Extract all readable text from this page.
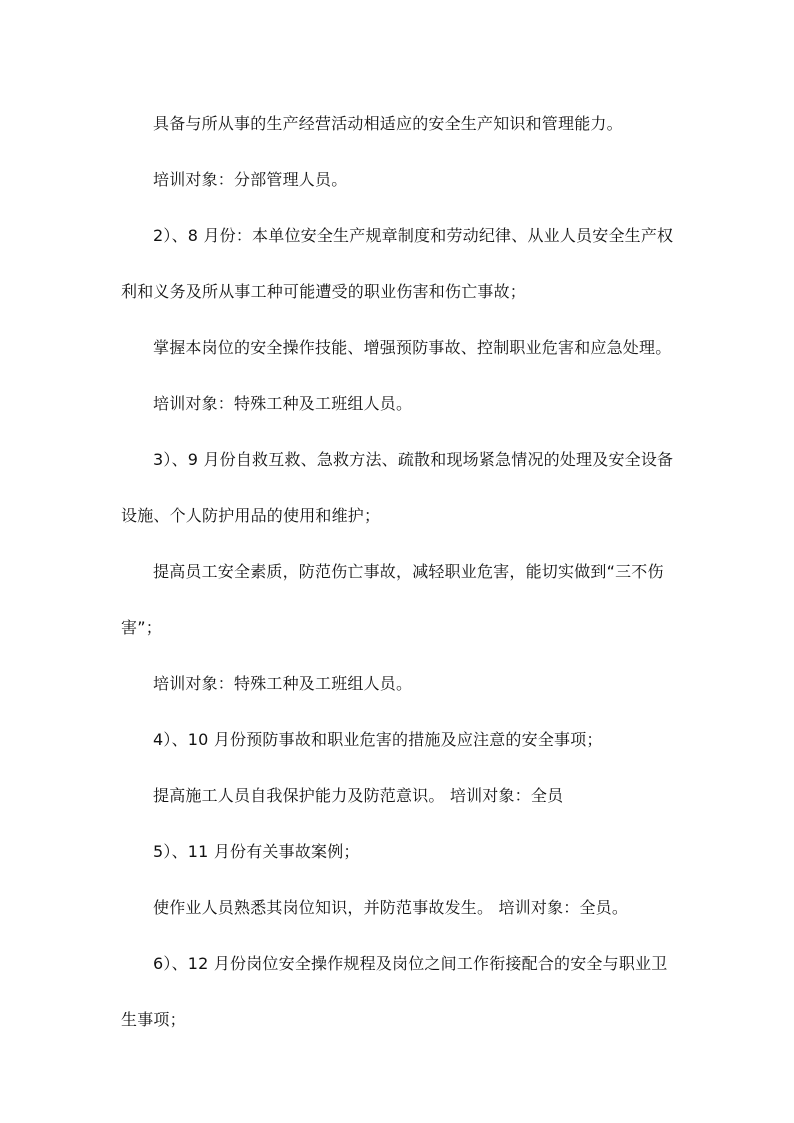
具备与所从事的生产经营活动相适应的安全生产知识和管理能力。

培训对象：分部管理人员。

2）、8 月份：本单位安全生产规章制度和劳动纪律、从业人员安全生产权利和义务及所从事工种可能遭受的职业伤害和伤亡事故；

掌握本岗位的安全操作技能、增强预防事故、控制职业危害和应急处理。

培训对象：特殊工种及工班组人员。

3）、9 月份自救互救、急救方法、疏散和现场紧急情况的处理及安全设备设施、个人防护用品的使用和维护；

提高员工安全素质，防范伤亡事故，减轻职业危害，能切实做到“三不伤害”；

培训对象：特殊工种及工班组人员。

4）、10 月份预防事故和职业危害的措施及应注意的安全事项；

提高施工人员自我保护能力及防范意识。 培训对象：全员

5）、11 月份有关事故案例；

使作业人员熟悉其岗位知识，并防范事故发生。 培训对象：全员。

6）、12 月份岗位安全操作规程及岗位之间工作衔接配合的安全与职业卫生事项；
